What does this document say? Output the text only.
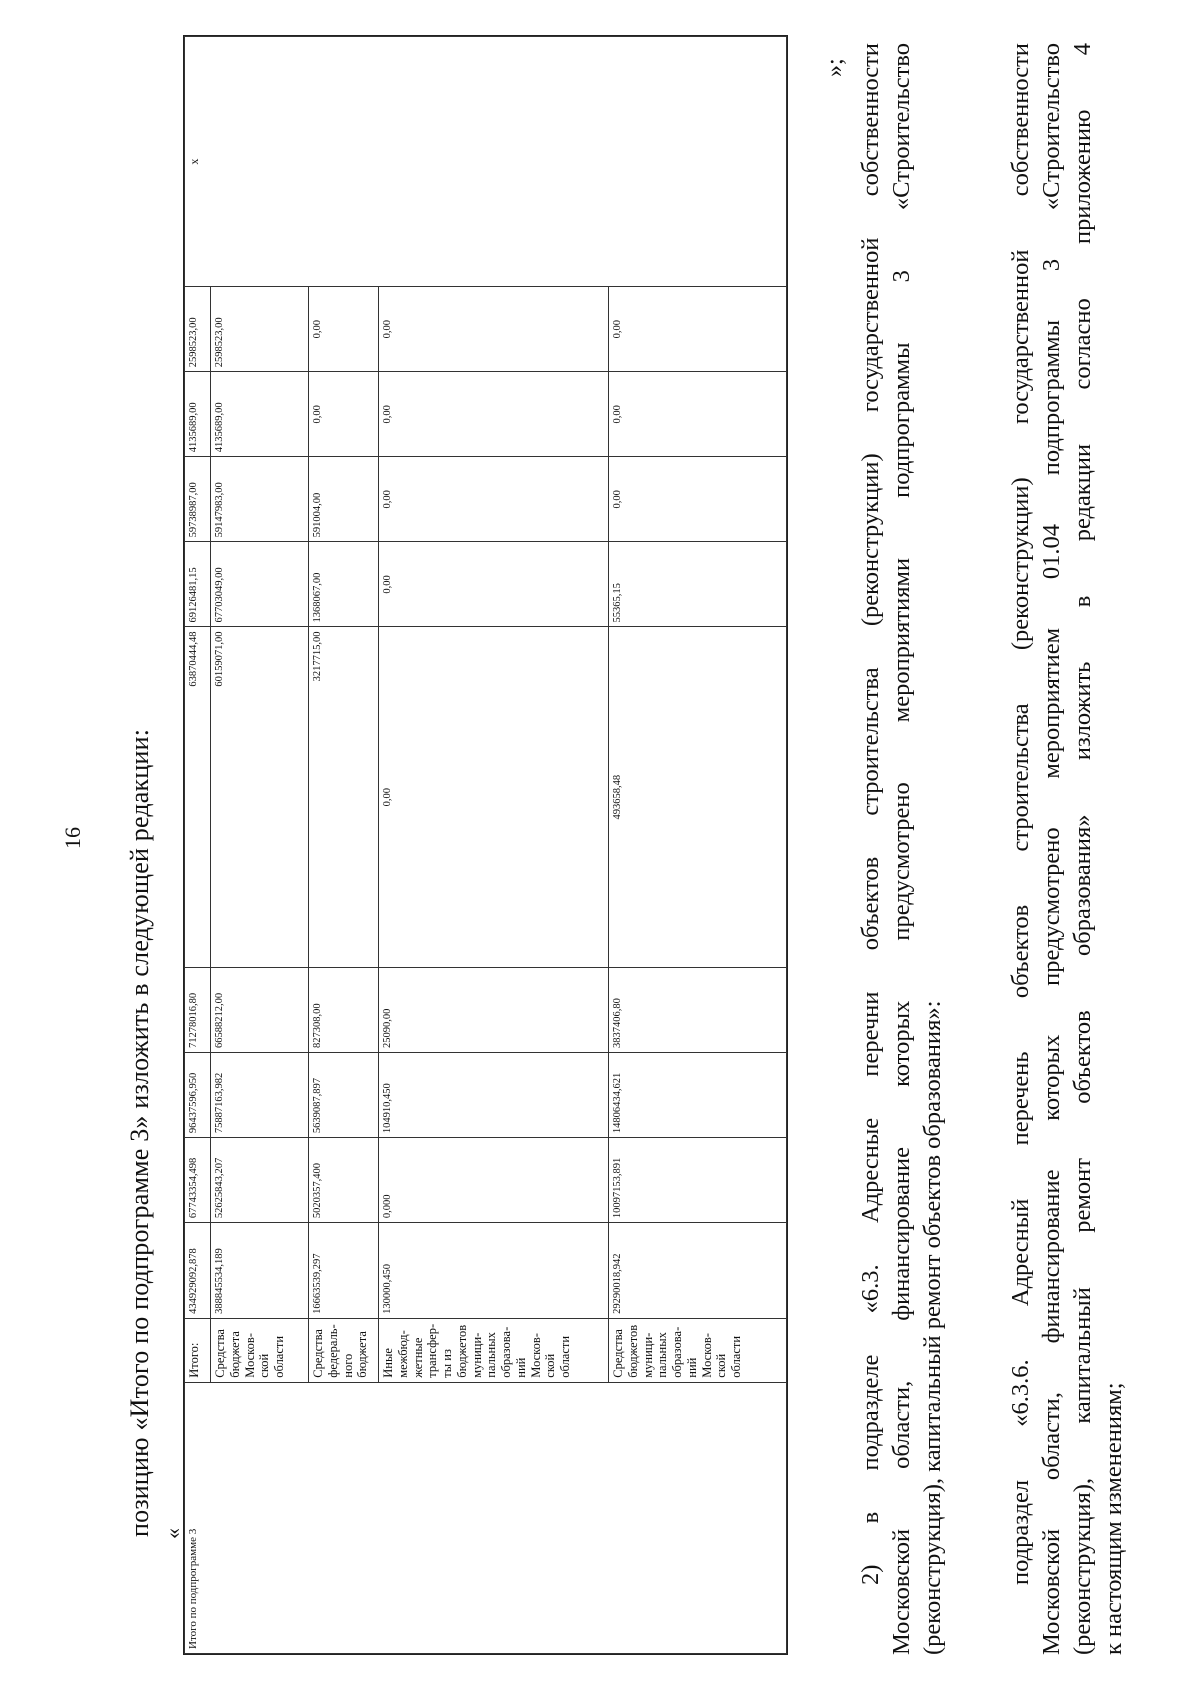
16 позицию «Итого по подпрограмме 3» изложить в следующей редакции: « Итого по подпрограмме 3	Итого:	434929092,878	67743354,498	96437596,950	71278016,80	63870444,48	69126481,15	59738987,00	4135689,00	2598523,00	x
	Средства бюджета Москов-ской области	388845534,189	52625843,207	75887163,982	66588212,00	60159071,00	67703049,00	59147983,00	4135689,00	2598523,00	
	Средства федераль-ного бюджета	16663539,297	5020357,400	5639087,897	827308,00	3217715,00	1368067,00	591004,00	0,00	0,00	
	Иные межбюд-жетные трансфер-ты из бюджетов муници-пальных образова-ний Москов-ской области	130000,450	0,000	104910,450	25090,00	0,00	0,00	0,00	0,00	0,00	
	Средства бюджетов муници-пальных образова-ний Москов-ской области	29290018,942	10097153,891	14806434,621	3837406,80	493658,48	55365,15	0,00	0,00	0,00	
»; 2) в подразделе «6.3. Адресные перечни объектов строительства (реконструкции) государственной собственности Московской области, финансирование которых предусмотрено мероприятиями подпрограммы 3 «Строительство (реконструкция), капитальный ремонт объектов образования»: подраздел «6.3.6. Адресный перечень объектов строительства (реконструкции) государственной собственности Московской области, финансирование которых предусмотрено мероприятием 01.04 подпрограммы 3 «Строительство (реконструкция), капитальный ремонт объектов образования» изложить в редакции согласно приложению 4 к настоящим изменениям;
